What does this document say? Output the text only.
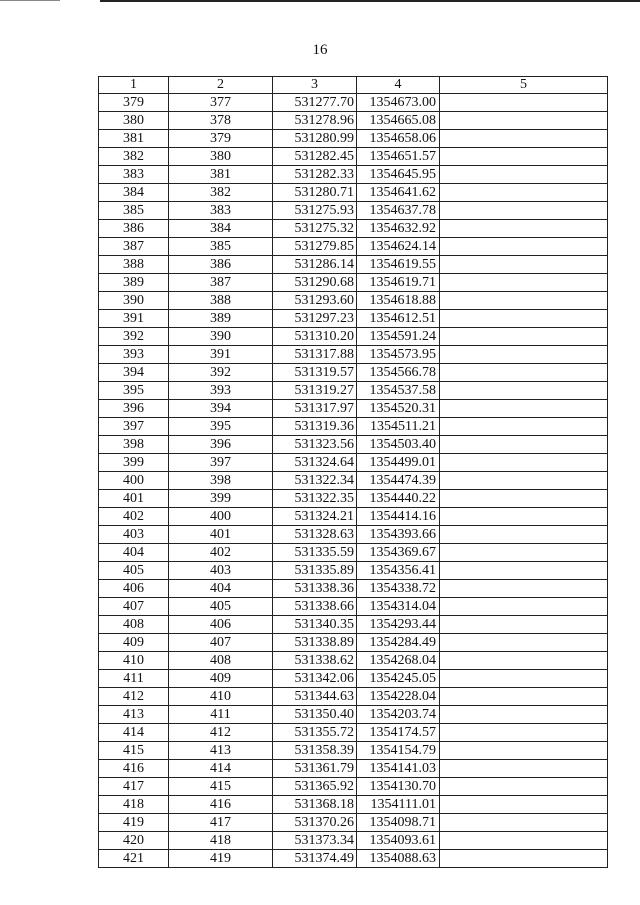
16
1	2	3	4	5
379	377	531277.70	1354673.00	
380	378	531278.96	1354665.08	
381	379	531280.99	1354658.06	
382	380	531282.45	1354651.57	
383	381	531282.33	1354645.95	
384	382	531280.71	1354641.62	
385	383	531275.93	1354637.78	
386	384	531275.32	1354632.92	
387	385	531279.85	1354624.14	
388	386	531286.14	1354619.55	
389	387	531290.68	1354619.71	
390	388	531293.60	1354618.88	
391	389	531297.23	1354612.51	
392	390	531310.20	1354591.24	
393	391	531317.88	1354573.95	
394	392	531319.57	1354566.78	
395	393	531319.27	1354537.58	
396	394	531317.97	1354520.31	
397	395	531319.36	1354511.21	
398	396	531323.56	1354503.40	
399	397	531324.64	1354499.01	
400	398	531322.34	1354474.39	
401	399	531322.35	1354440.22	
402	400	531324.21	1354414.16	
403	401	531328.63	1354393.66	
404	402	531335.59	1354369.67	
405	403	531335.89	1354356.41	
406	404	531338.36	1354338.72	
407	405	531338.66	1354314.04	
408	406	531340.35	1354293.44	
409	407	531338.89	1354284.49	
410	408	531338.62	1354268.04	
411	409	531342.06	1354245.05	
412	410	531344.63	1354228.04	
413	411	531350.40	1354203.74	
414	412	531355.72	1354174.57	
415	413	531358.39	1354154.79	
416	414	531361.79	1354141.03	
417	415	531365.92	1354130.70	
418	416	531368.18	1354111.01	
419	417	531370.26	1354098.71	
420	418	531373.34	1354093.61	
421	419	531374.49	1354088.63	
